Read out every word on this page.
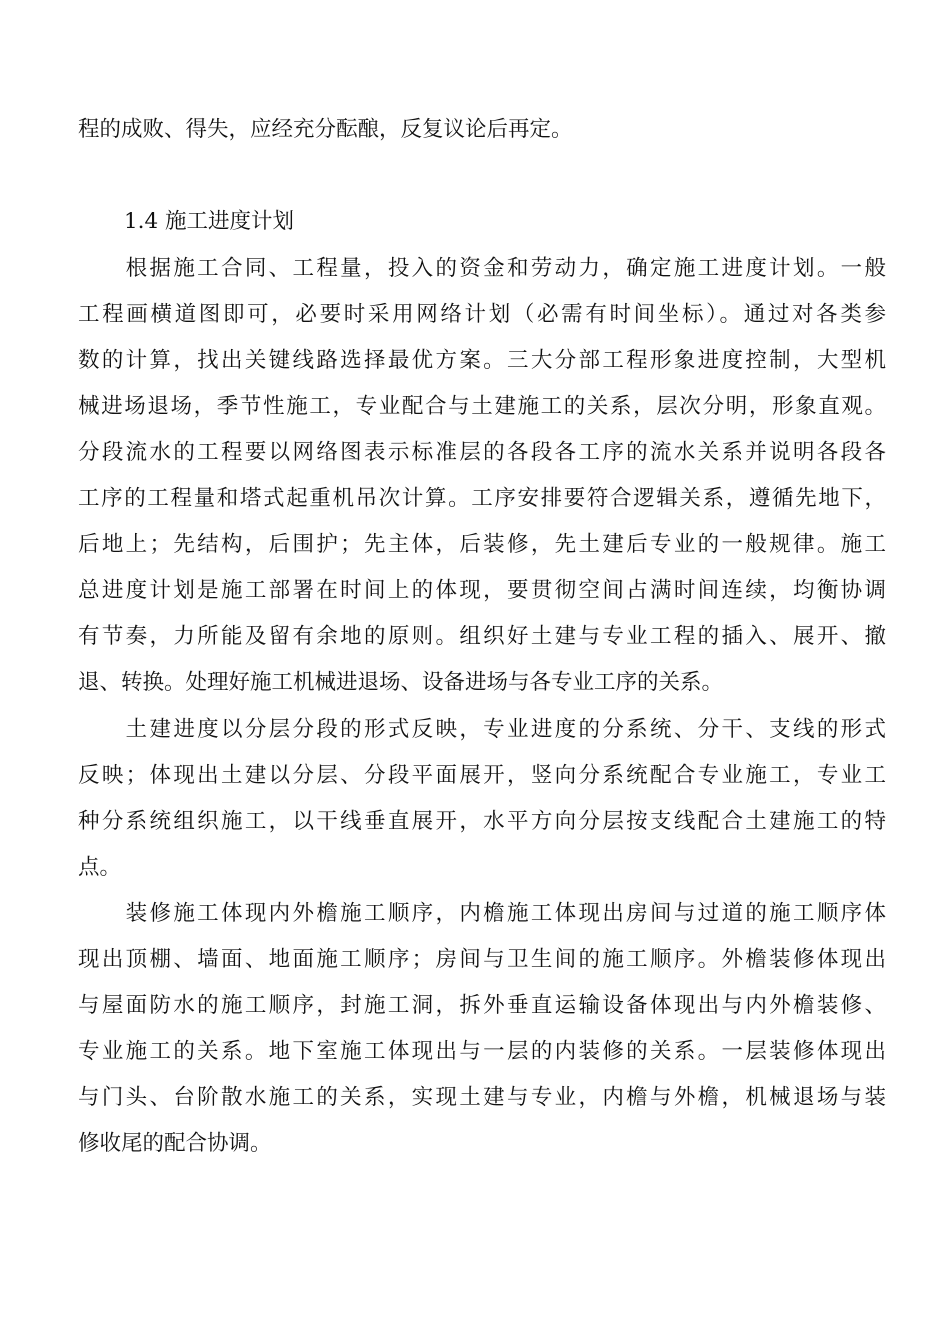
程的成败、得失，应经充分酝酿，反复议论后再定。
1.4 施工进度计划
　　根据施工合同、工程量，投入的资金和劳动力，确定施工进度计划。一般
工程画横道图即可，必要时采用网络计划（必需有时间坐标）。通过对各类参
数的计算，找出关键线路选择最优方案。三大分部工程形象进度控制，大型机
械进场退场，季节性施工，专业配合与土建施工的关系，层次分明，形象直观。
分段流水的工程要以网络图表示标准层的各段各工序的流水关系并说明各段各
工序的工程量和塔式起重机吊次计算。工序安排要符合逻辑关系，遵循先地下，
后地上；先结构，后围护；先主体，后装修，先土建后专业的一般规律。施工
总进度计划是施工部署在时间上的体现，要贯彻空间占满时间连续，均衡协调
有节奏，力所能及留有余地的原则。组织好土建与专业工程的插入、展开、撤
退、转换。处理好施工机械进退场、设备进场与各专业工序的关系。
　　土建进度以分层分段的形式反映，专业进度的分系统、分干、支线的形式
反映；体现出土建以分层、分段平面展开，竖向分系统配合专业施工，专业工
种分系统组织施工，以干线垂直展开，水平方向分层按支线配合土建施工的特
点。
　　装修施工体现内外檐施工顺序，内檐施工体现出房间与过道的施工顺序体
现出顶棚、墙面、地面施工顺序；房间与卫生间的施工顺序。外檐装修体现出
与屋面防水的施工顺序，封施工洞，拆外垂直运输设备体现出与内外檐装修、
专业施工的关系。地下室施工体现出与一层的内装修的关系。一层装修体现出
与门头、台阶散水施工的关系，实现土建与专业，内檐与外檐，机械退场与装
修收尾的配合协调。
